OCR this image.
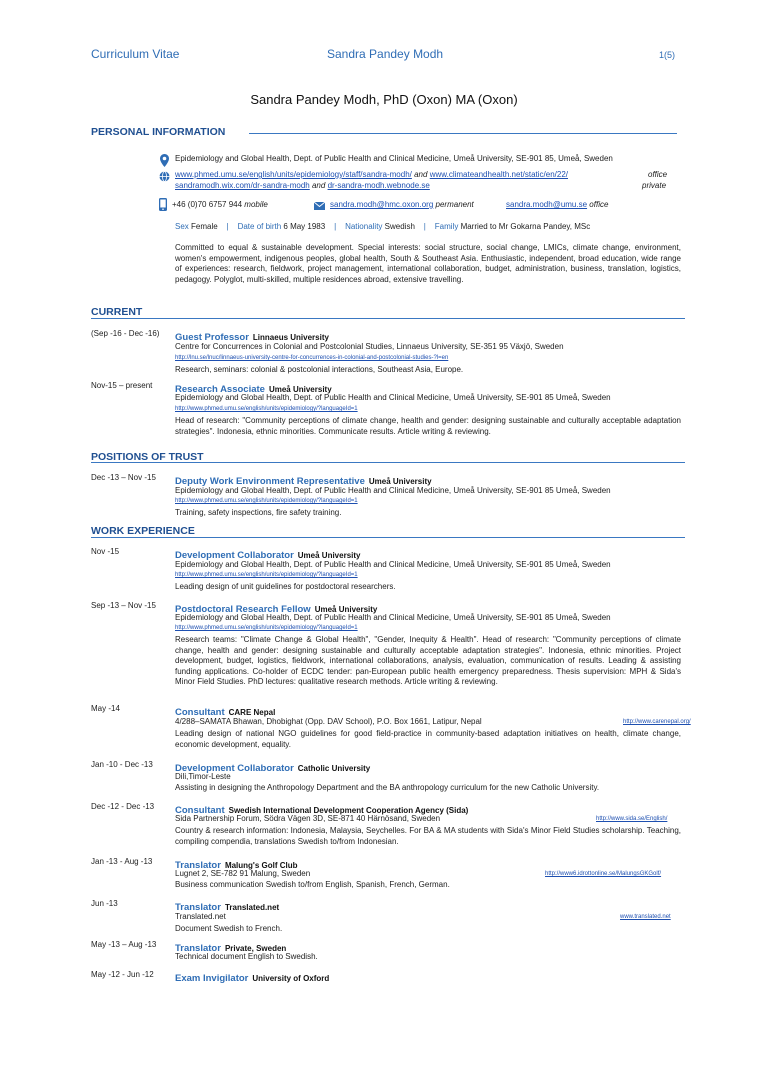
Curriculum Vitae	Sandra Pandey Modh	1(5)
Sandra Pandey Modh, PhD (Oxon) MA (Oxon)
PERSONAL INFORMATION
Epidemiology and Global Health, Dept. of Public Health and Clinical Medicine, Umeå University, SE-901 85, Umeå, Sweden
www.phmed.umu.se/english/units/epidemiology/staff/sandra-modh/ and www.climateandhealth.net/static/en/22/	office
sandramodh.wix.com/dr-sandra-modh and dr-sandra-modh.webnode.se	private
+46 (0)70 6757 944 mobile	sandra.modh@hmc.oxon.org permanent	sandra.modh@umu.se office
Sex Female | Date of birth 6 May 1983 | Nationality Swedish | Family Married to Mr Gokarna Pandey, MSc
Committed to equal & sustainable development. Special interests: social structure, social change, LMICs, climate change, environment, women's empowerment, indigenous peoples, global health, South & Southeast Asia. Enthusiastic, independent, broad education, wide range of experiences: research, fieldwork, project management, international collaboration, budget, administration, business, translation, logistics, pedagogy. Polyglot, multi-skilled, multiple residences abroad, extensive travelling.
CURRENT
(Sep -16 - Dec -16) Guest Professor Linnaeus University
Centre for Concurrences in Colonial and Postcolonial Studies, Linnaeus University, SE-351 95 Växjö, Sweden
http://lnu.se/lnuc/linnaeus-university-centre-for-concurrences-in-colonial-and-postcolonial-studies-?l=en
Research, seminars: colonial & postcolonial interactions, Southeast Asia, Europe.
Nov-15 – present Research Associate Umeå University
Epidemiology and Global Health, Dept. of Public Health and Clinical Medicine, Umeå University, SE-901 85 Umeå, Sweden
http://www.phmed.umu.se/english/units/epidemiology/?languageId=1
Head of research: "Community perceptions of climate change, health and gender: designing sustainable and culturally acceptable adaptation strategies". Indonesia, ethnic minorities. Communicate results. Article writing & reviewing.
POSITIONS OF TRUST
Dec -13 – Nov -15 Deputy Work Environment Representative Umeå University
Epidemiology and Global Health, Dept. of Public Health and Clinical Medicine, Umeå University, SE-901 85 Umeå, Sweden
http://www.phmed.umu.se/english/units/epidemiology/?languageId=1
Training, safety inspections, fire safety training.
WORK EXPERIENCE
Nov -15	Development Collaborator Umeå University
Epidemiology and Global Health, Dept. of Public Health and Clinical Medicine, Umeå University, SE-901 85 Umeå, Sweden
http://www.phmed.umu.se/english/units/epidemiology/?languageId=1
Leading design of unit guidelines for postdoctoral researchers.
Sep -13 – Nov -15 Postdoctoral Research Fellow Umeå University
Epidemiology and Global Health, Dept. of Public Health and Clinical Medicine, Umeå University, SE-901 85 Umeå, Sweden
http://www.phmed.umu.se/english/units/epidemiology/?languageId=1
Research teams: "Climate Change & Global Health", "Gender, Inequity & Health". Head of research: "Community perceptions of climate change, health and gender: designing sustainable and culturally acceptable adaptation strategies". Indonesia, ethnic minorities. Project development, budget, logistics, fieldwork, international collaborations, analysis, evaluation, communication of results. Leading & assisting funding applications. Co-holder of ECDC tender: pan-European public health emergency preparedness. Thesis supervision: MPH & Sida's Minor Field Studies. PhD lectures: qualitative research methods. Article writing & reviewing.
May -14	Consultant CARE Nepal
4/288–SAMATA Bhawan, Dhobighat (Opp. DAV School), P.O. Box 1661, Latipur, Nepal	http://www.carenepal.org/
Leading design of national NGO guidelines for good field-practice in community-based adaptation initiatives on health, climate change, economic development, equality.
Jan -10 - Dec -13 Development Collaborator Catholic University
Dili,Timor-Leste
Assisting in designing the Anthropology Department and the BA anthropology curriculum for the new Catholic University.
Dec -12 - Dec -13 Consultant Swedish International Development Cooperation Agency (Sida)
Sida Partnership Forum, Södra Vägen 3D, SE-871 40 Härnösand, Sweden	http://www.sida.se/English/
Country & research information: Indonesia, Malaysia, Seychelles. For BA & MA students with Sida's Minor Field Studies scholarship. Teaching, compiling compendia, translations Swedish to/from Indonesian.
Jan -13 - Aug -13 Translator Malung's Golf Club
Lugnet 2, SE-782 91 Malung, Sweden	http://www6.idrottonline.se/MalungsGKGolf/
Business communication Swedish to/from English, Spanish, French, German.
Jun -13	Translator Translated.net
Translated.net	www.translated.net
Document Swedish to French.
May -13 – Aug -13 Translator Private, Sweden
Technical document English to Swedish.
May -12 - Jun -12 Exam Invigilator University of Oxford
